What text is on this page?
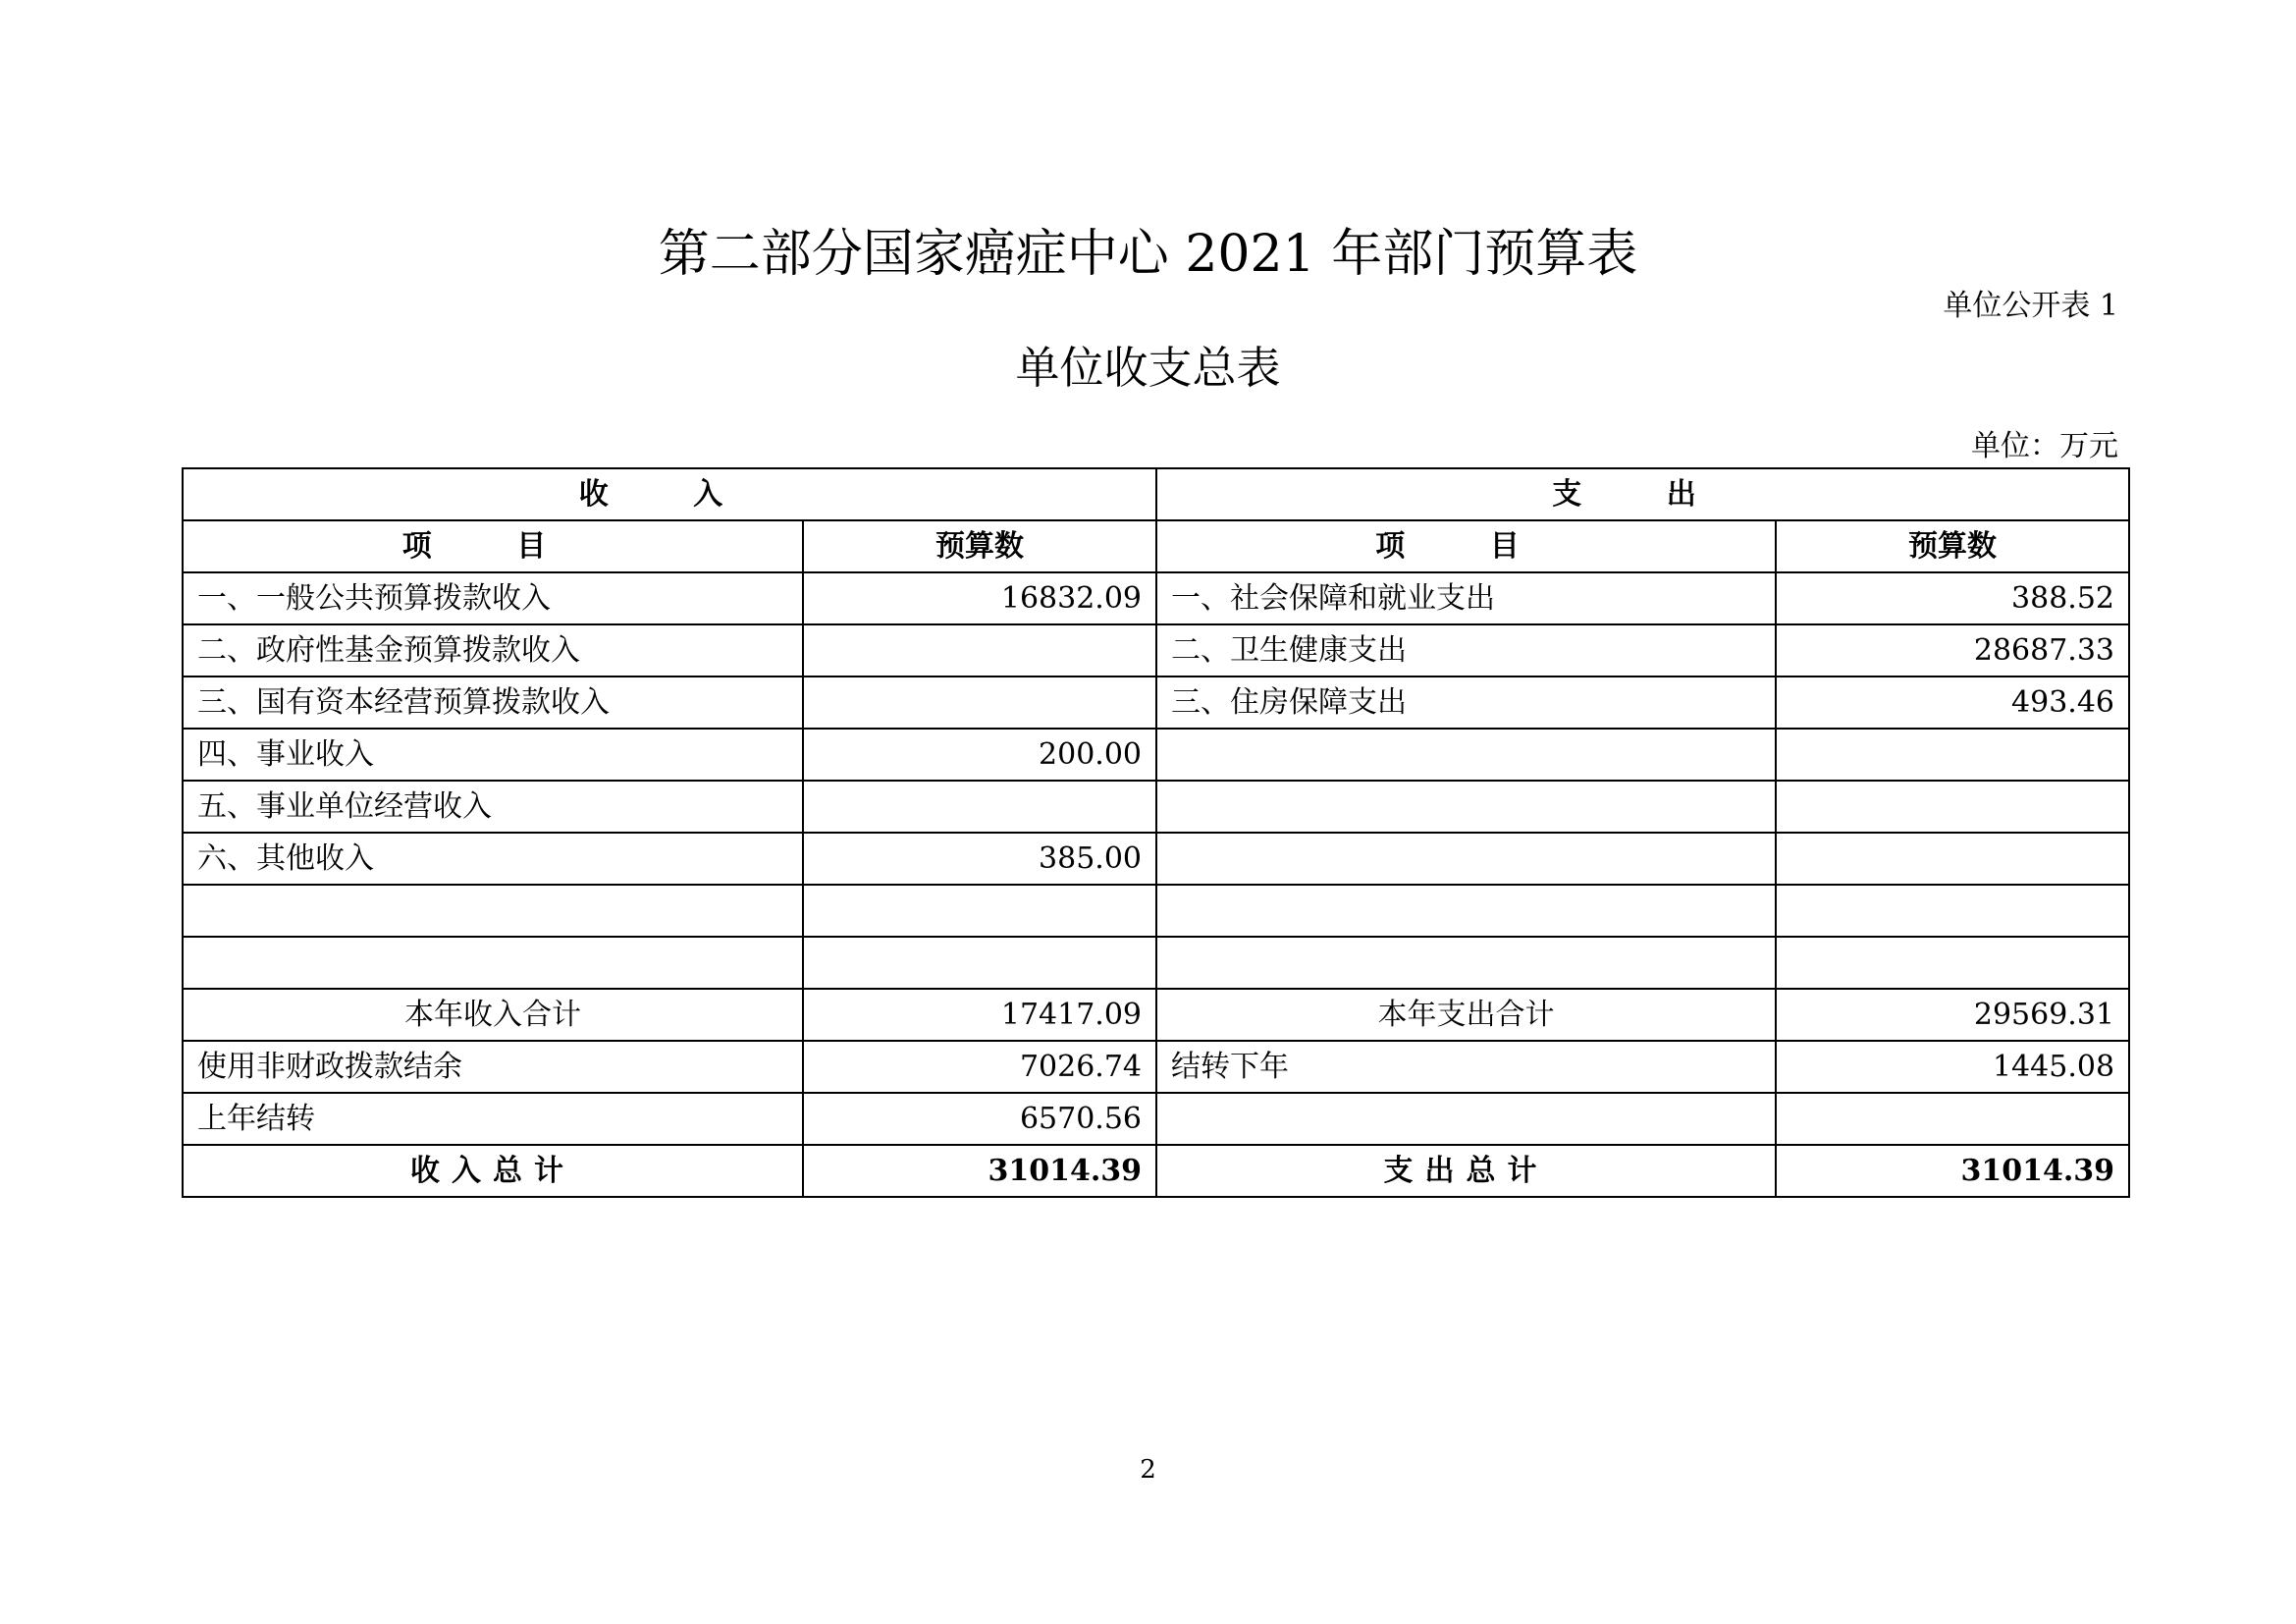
第二部分国家癌症中心 2021 年部门预算表
单位公开表 1
单位收支总表
单位：万元
收 入		支 出	
项 目	预算数	项 目	预算数
一、一般公共预算拨款收入	16832.09	一、社会保障和就业支出	388.52
二、政府性基金预算拨款收入		二、卫生健康支出	28687.33
三、国有资本经营预算拨款收入		三、住房保障支出	493.46
四、事业收入	200.00		
五、事业单位经营收入			
六、其他收入	385.00		

本年收入合计	17417.09	本年支出合计	29569.31
使用非财政拨款结余	7026.74	结转下年	1445.08
上年结转	6570.56		
收入总计	31014.39	支出总计	31014.39
2
